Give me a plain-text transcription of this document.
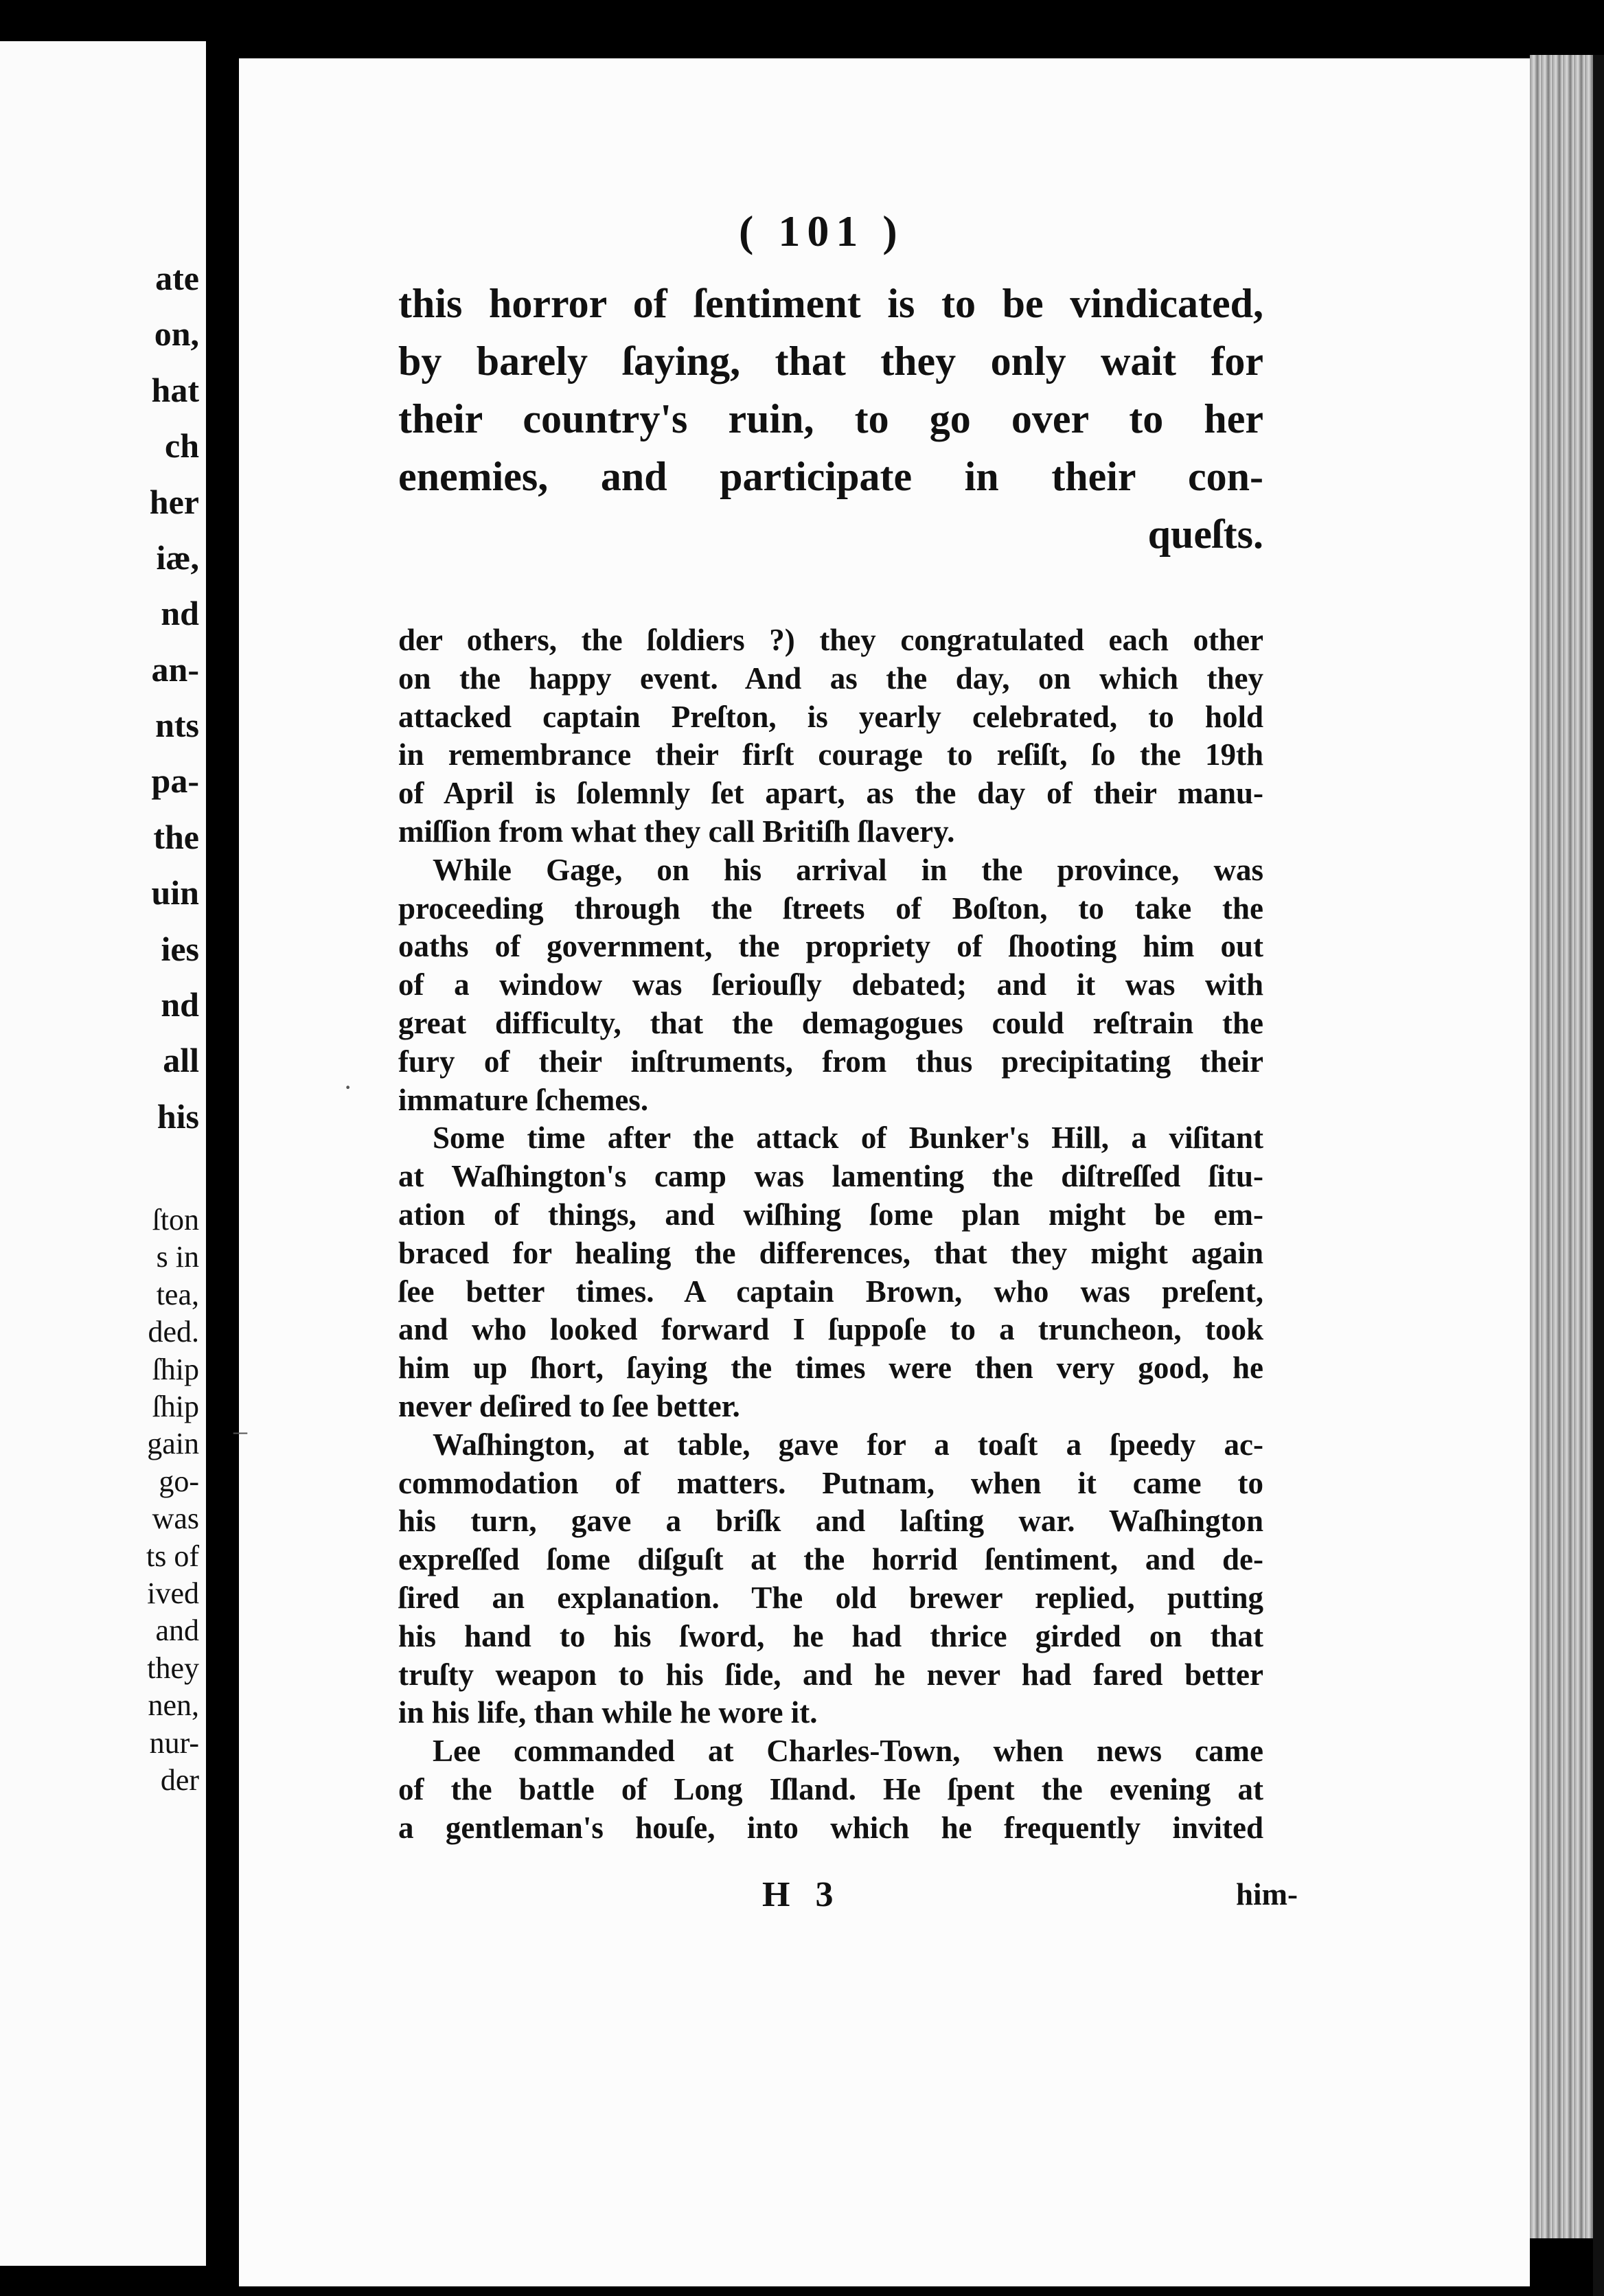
ate
on,
hat
ch
her
iæ,
nd
an-
nts
pa-
the
uin
ies
nd
all
his
ſton
s in
tea,
ded.
ſhip
ſhip
gain
go-
was
ts of
ived
and
they
nen,
nur-
der
( 101 )
this horror of ſentiment is to be vindicated,
by barely ſaying, that they only wait for
their country's ruin, to go over to her
enemies, and participate in their con-
queſts.
der others, the ſoldiers ?) they congratulated each other
on the happy event. And as the day, on which they
attacked captain Preſton, is yearly celebrated, to hold
in remembrance their firſt courage to reſiſt, ſo the 19th
of April is ſolemnly ſet apart, as the day of their manu-
miſſion from what they call Britiſh ſlavery.
While Gage, on his arrival in the province, was
proceeding through the ſtreets of Boſton, to take the
oaths of government, the propriety of ſhooting him out
of a window was ſeriouſly debated; and it was with
great difficulty, that the demagogues could reſtrain the
fury of their inſtruments, from thus precipitating their
immature ſchemes.
Some time after the attack of Bunker's Hill, a viſitant
at Waſhington's camp was lamenting the diſtreſſed ſitu-
ation of things, and wiſhing ſome plan might be em-
braced for healing the differences, that they might again
ſee better times. A captain Brown, who was preſent,
and who looked forward I ſuppoſe to a truncheon, took
him up ſhort, ſaying the times were then very good, he
never deſired to ſee better.
Waſhington, at table, gave for a toaſt a ſpeedy ac-
commodation of matters. Putnam, when it came to
his turn, gave a briſk and laſting war. Waſhington
expreſſed ſome diſguſt at the horrid ſentiment, and de-
ſired an explanation. The old brewer replied, putting
his hand to his ſword, he had thrice girded on that
truſty weapon to his ſide, and he never had fared better
in his life, than while he wore it.
Lee commanded at Charles-Town, when news came
of the battle of Long Iſland. He ſpent the evening at
a gentleman's houſe, into which he frequently invited
H 3	him-
·
–
